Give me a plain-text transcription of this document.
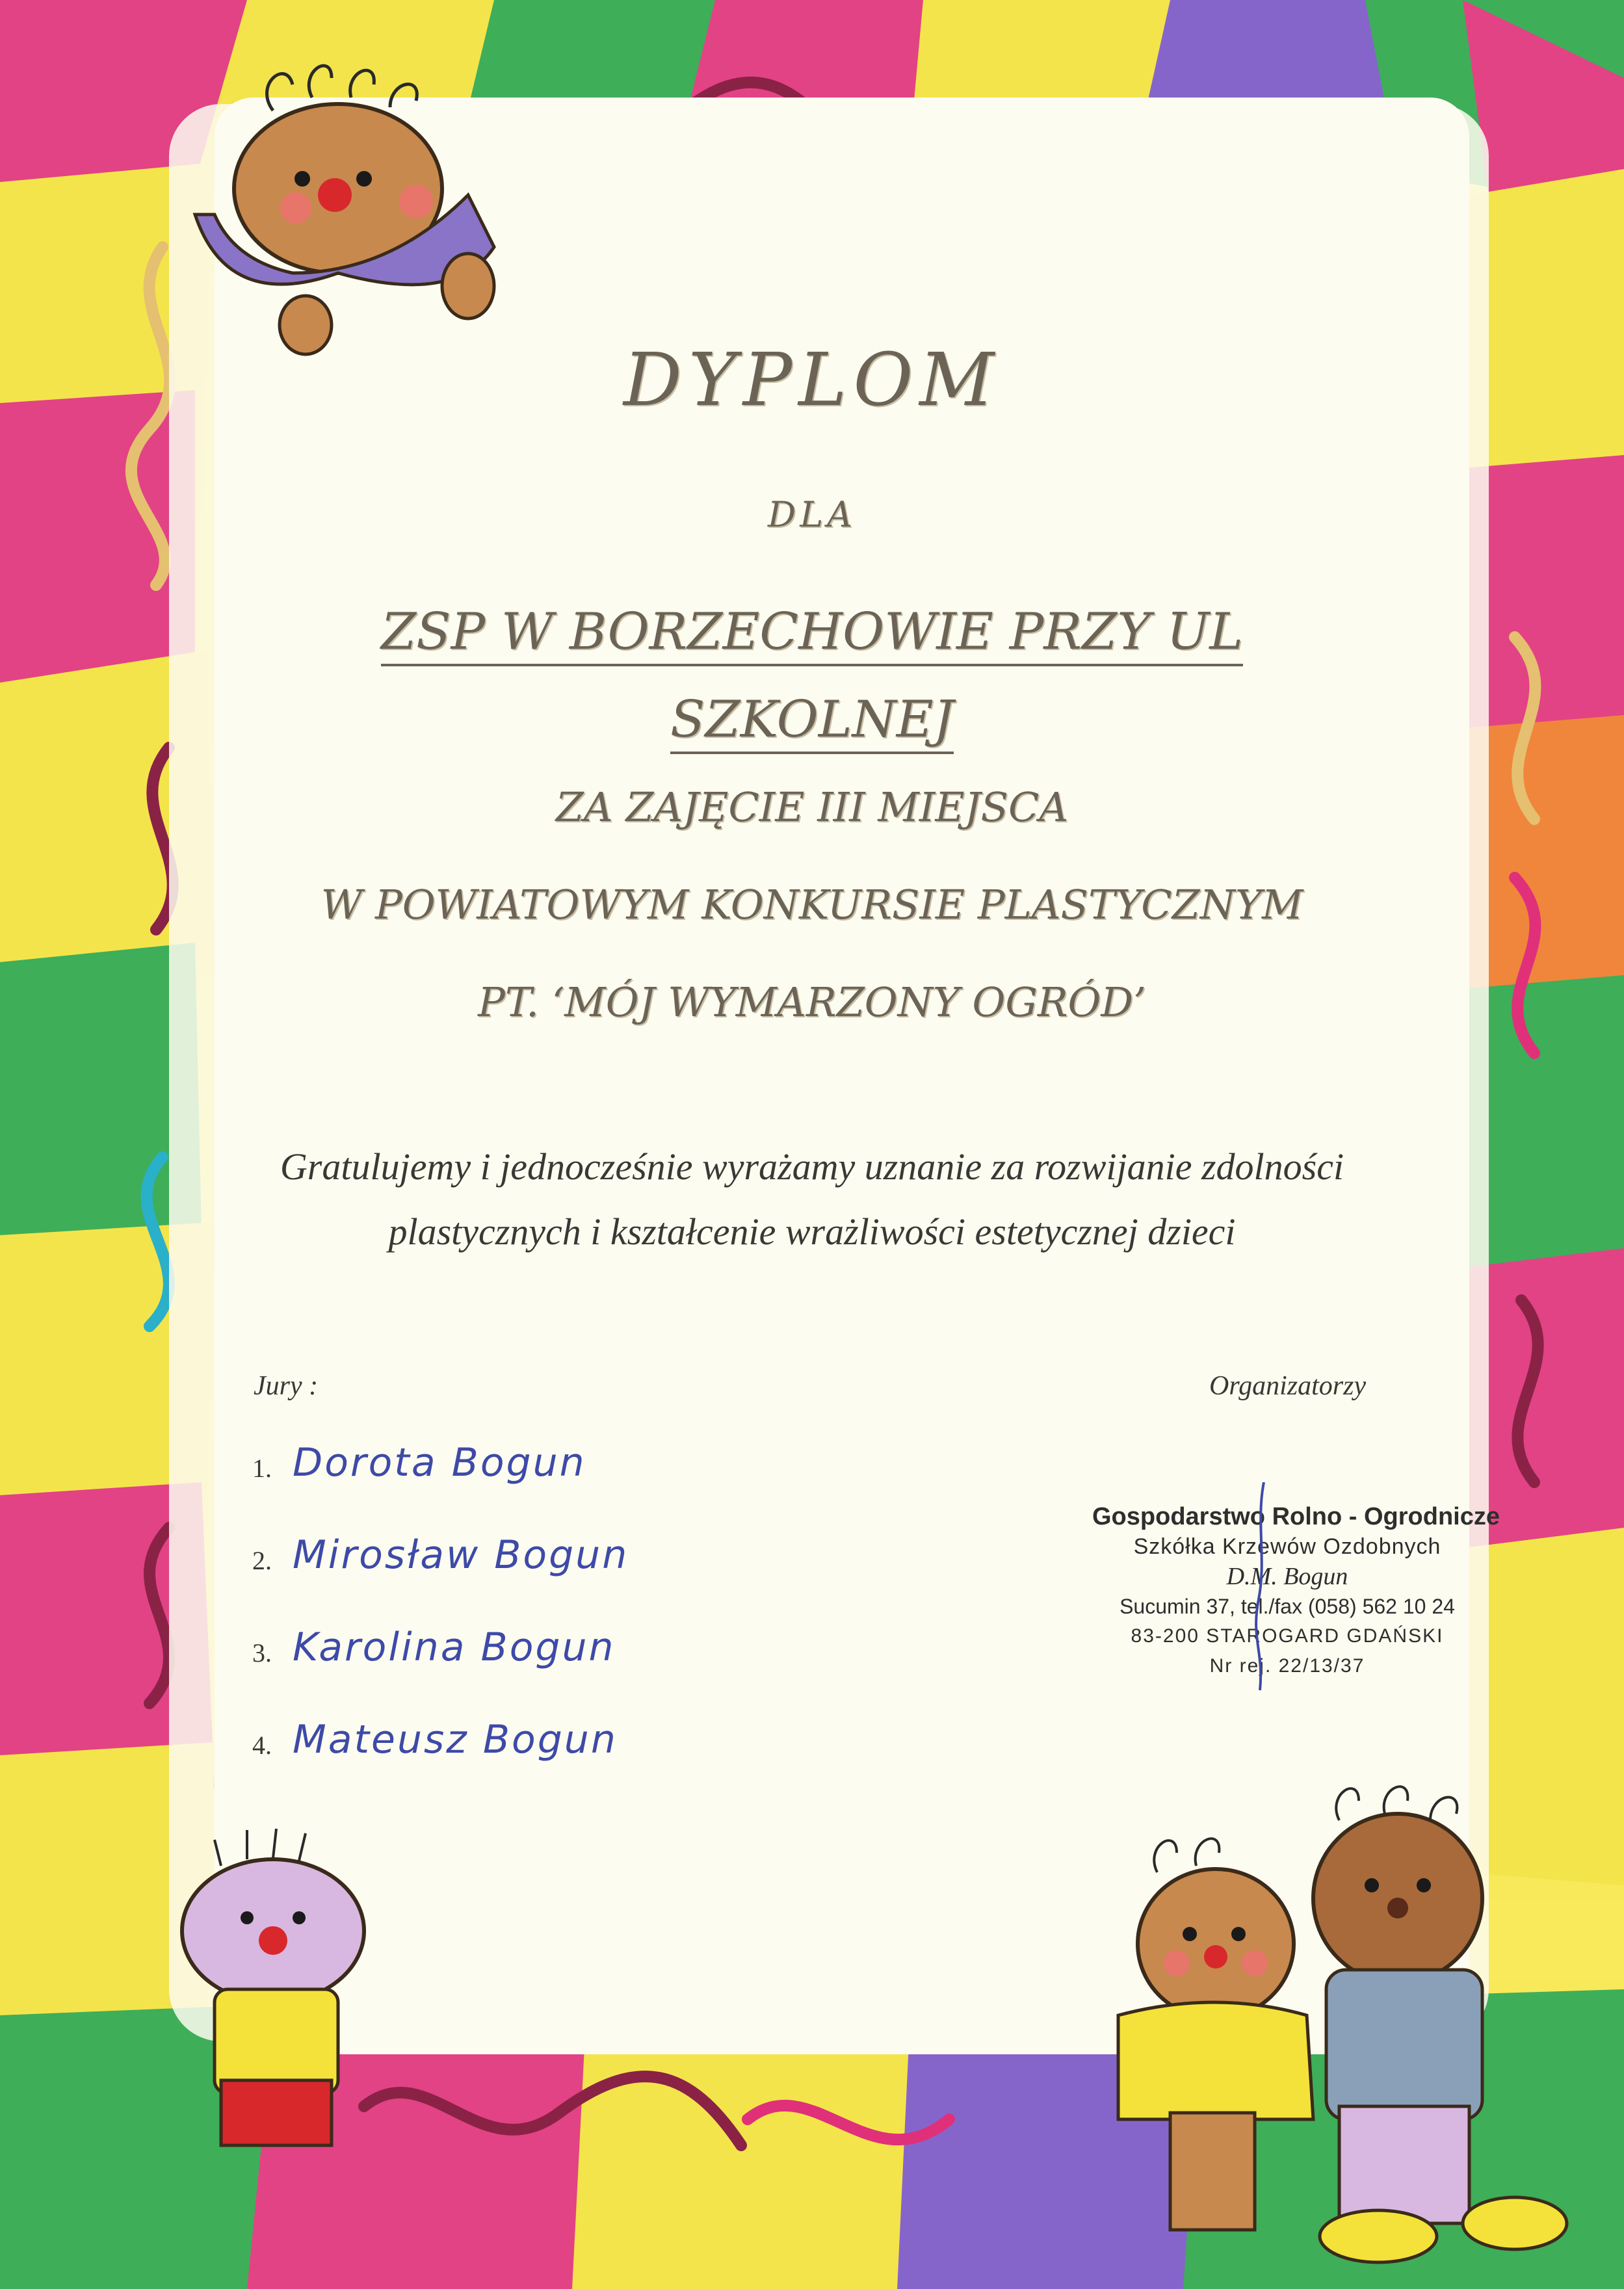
DYPLOM
DLA
ZSP W BORZECHOWIE PRZY UL
SZKOLNEJ
ZA ZAJĘCIE III MIEJSCA
W POWIATOWYM KONKURSIE PLASTYCZNYM
PT. ‘MÓJ WYMARZONY OGRÓD’
Gratulujemy i jednocześnie wyrażamy uznanie za rozwijanie zdolności
plastycznych i kształcenie wrażliwości estetycznej dzieci
Jury :	Organizatorzy
1. Dorota Bogun
2. Mirosław Bogun
3. Karolina Bogun
4. Mateusz Bogun
Gospodarstwo Rolno - Ogrodnicze
Szkółka Krzewów Ozdobnych
D.M. Bogun
Sucumin 37, tel./fax (058) 562 10 24
83-200 STAROGARD GDAŃSKI
Nr rej. 22/13/37
